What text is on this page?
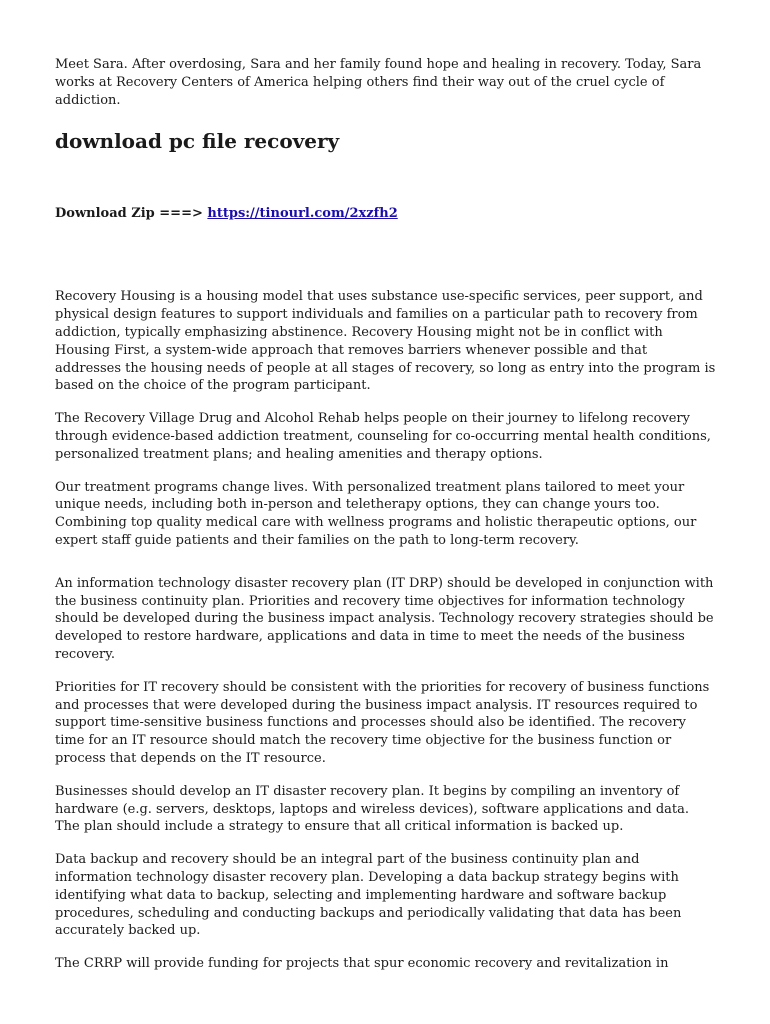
Meet Sara. After overdosing, Sara and her family found hope and healing in recovery. Today, Sara works at Recovery Centers of America helping others find their way out of the cruel cycle of addiction.

download pc file recovery
Download Zip ===> https://tinourl.com/2xzfh2

Recovery Housing is a housing model that uses substance use-specific services, peer support, and physical design features to support individuals and families on a particular path to recovery from addiction, typically emphasizing abstinence. Recovery Housing might not be in conflict with Housing First, a system-wide approach that removes barriers whenever possible and that addresses the housing needs of people at all stages of recovery, so long as entry into the program is based on the choice of the program participant.

The Recovery Village Drug and Alcohol Rehab helps people on their journey to lifelong recovery through evidence-based addiction treatment, counseling for co-occurring mental health conditions, personalized treatment plans; and healing amenities and therapy options.

Our treatment programs change lives. With personalized treatment plans tailored to meet your unique needs, including both in-person and teletherapy options, they can change yours too. Combining top quality medical care with wellness programs and holistic therapeutic options, our expert staff guide patients and their families on the path to long-term recovery.

An information technology disaster recovery plan (IT DRP) should be developed in conjunction with the business continuity plan. Priorities and recovery time objectives for information technology should be developed during the business impact analysis. Technology recovery strategies should be developed to restore hardware, applications and data in time to meet the needs of the business recovery.

Priorities for IT recovery should be consistent with the priorities for recovery of business functions and processes that were developed during the business impact analysis. IT resources required to support time-sensitive business functions and processes should also be identified. The recovery time for an IT resource should match the recovery time objective for the business function or process that depends on the IT resource.

Businesses should develop an IT disaster recovery plan. It begins by compiling an inventory of hardware (e.g. servers, desktops, laptops and wireless devices), software applications and data. The plan should include a strategy to ensure that all critical information is backed up.

Data backup and recovery should be an integral part of the business continuity plan and information technology disaster recovery plan. Developing a data backup strategy begins with identifying what data to backup, selecting and implementing hardware and software backup procedures, scheduling and conducting backups and periodically validating that data has been accurately backed up.

The CRRP will provide funding for projects that spur economic recovery and revitalization in
